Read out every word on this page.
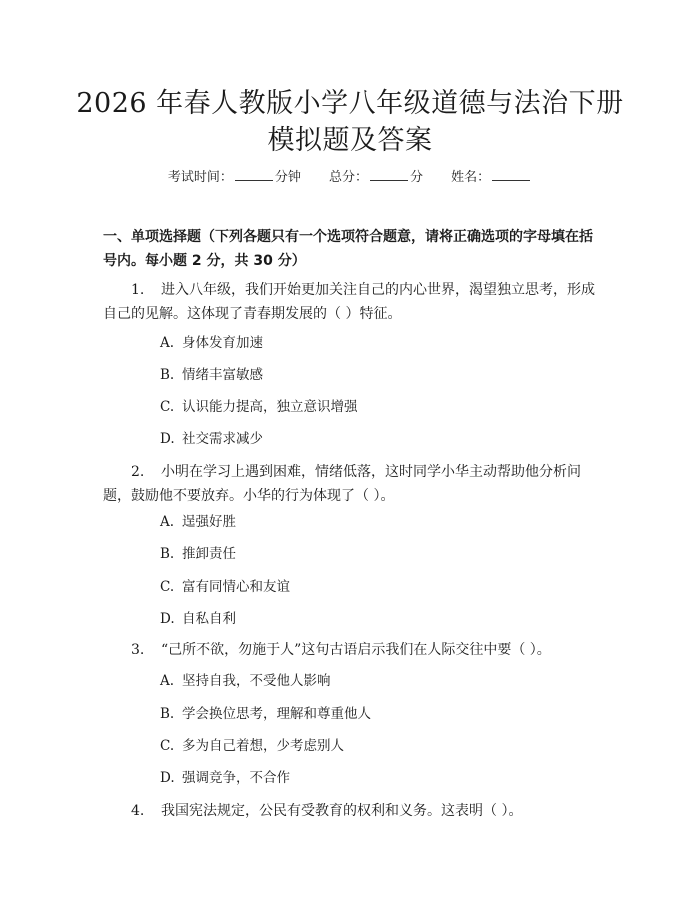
2026 年春人教版小学八年级道德与法治下册
模拟题及答案
考试时间：	分钟 总分：	分 姓名：
一、单项选择题（下列各题只有一个选项符合题意，请将正确选项的字母填在括号内。每小题 2 分，共 30 分）
1. 进入八年级，我们开始更加关注自己的内心世界，渴望独立思考，形成自己的见解。这体现了青春期发展的（ ）特征。
A. 身体发育加速
B. 情绪丰富敏感
C. 认识能力提高，独立意识增强
D. 社交需求减少
2. 小明在学习上遇到困难，情绪低落，这时同学小华主动帮助他分析问题，鼓励他不要放弃。小华的行为体现了（ ）。
A. 逞强好胜
B. 推卸责任
C. 富有同情心和友谊
D. 自私自利
3. “己所不欲，勿施于人”这句古语启示我们在人际交往中要（ ）。
A. 坚持自我，不受他人影响
B. 学会换位思考，理解和尊重他人
C. 多为自己着想，少考虑别人
D. 强调竞争，不合作
4. 我国宪法规定，公民有受教育的权利和义务。这表明（ ）。
